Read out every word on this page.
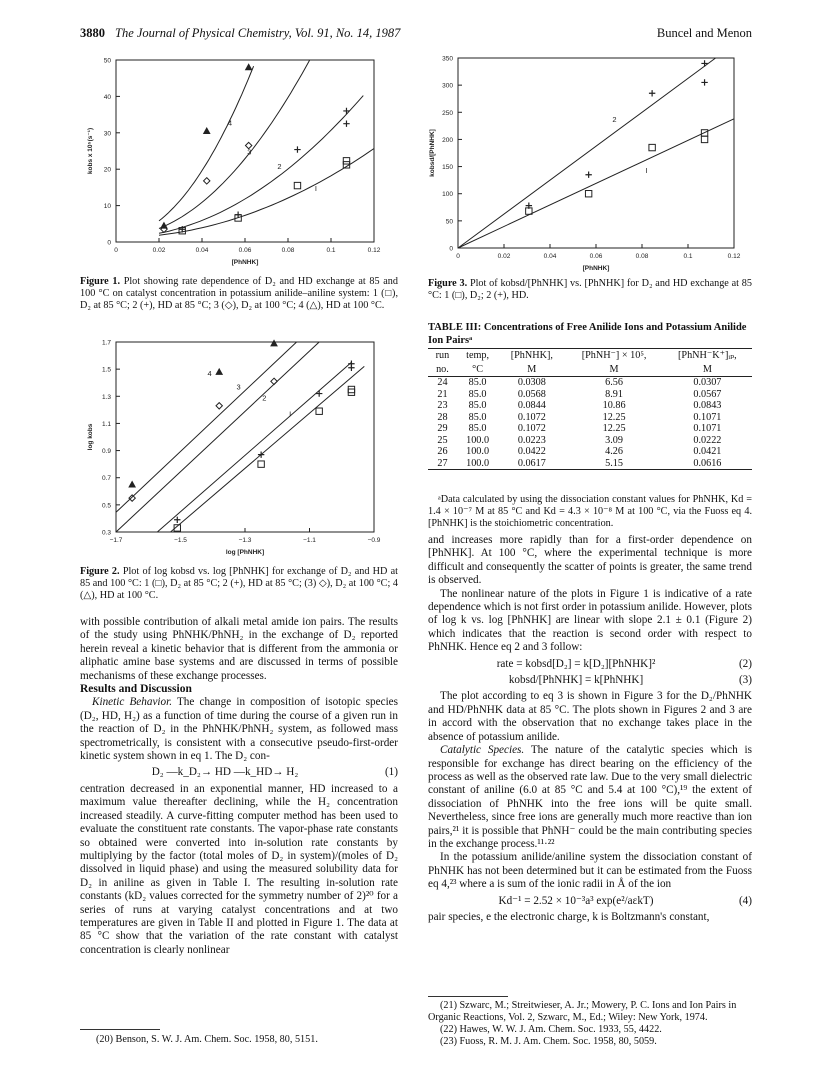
3880 The Journal of Physical Chemistry, Vol. 91, No. 14, 1987	Buncel and Menon
0	0.02	0.04	0.06	0.08	0.1	0.12
0
10
20
30
40
50
[PhNHK]
kobs x 10⁵(s⁻¹)
I
2
3
4
Figure 1. Plot showing rate dependence of D₂ and HD exchange at 85 and 100 °C on catalyst concentration in potassium anilide–aniline system: 1 (□), D₂ at 85 °C; 2 (+), HD at 85 °C; 3 (◇), D₂ at 100 °C; 4 (△), HD at 100 °C.
−1.7	−1.5	−1.3	−1.1	−0.9
0.3
0.5
0.7
0.9
1.1
1.3
1.5
1.7
log [PhNHK]
log kobs
I
2
3
4
Figure 2. Plot of log kobsd vs. log [PhNHK] for exchange of D₂ and HD at 85 and 100 °C: 1 (□), D₂ at 85 °C; 2 (+), HD at 85 °C; (3) ◇), D₂ at 100 °C; 4 (△), HD at 100 °C.

with possible contribution of alkali metal amide ion pairs. The results of the study using PhNHK/PhNH₂ in the exchange of D₂ reported herein reveal a kinetic behavior that is different from the ammonia or aliphatic amine base systems and are discussed in terms of possible mechanisms of these exchange processes.

Results and Discussion

Kinetic Behavior. The change in composition of isotopic species (D₂, HD, H₂) as a function of time during the course of a given run in the reaction of D₂ in the PhNHK/PhNH₂ system, as followed mass spectrometrically, is consistent with a consecutive pseudo-first-order kinetic system shown in eq 1. The D₂ con-

D₂ —k_D₂→ HD —k_HD→ H₂	(1)

centration decreased in an exponential manner, HD increased to a maximum value thereafter declining, while the H₂ concentration increased steadily. A curve-fitting computer method has been used to evaluate the constituent rate constants. The vapor-phase rate constants so obtained were converted into in-solution rate constants by multiplying by the factor (total moles of D₂ in system)/(moles of D₂ dissolved in liquid phase) and using the measured solubility data for D₂ in aniline as given in Table I. The resulting in-solution rate constants (kD₂ values corrected for the symmetry number of 2)²⁰ for a series of runs at varying catalyst concentrations and at two temperatures are given in Table II and plotted in Figure 1. The data at 85 °C show that the variation of the rate constant with catalyst concentration is clearly nonlinear

(20) Benson, S. W. J. Am. Chem. Soc. 1958, 80, 5151.
0	0.02	0.04	0.06	0.08	0.1	0.12
0
50
100
150
200
250
300
350
[PhNHK]
kobsd/[PhNHK]	I
2
Figure 3. Plot of kobsd/[PhNHK] vs. [PhNHK] for D₂ and HD exchange at 85 °C: 1 (□), D₂; 2 (+), HD.
TABLE III: Concentrations of Free Anilide Ions and Potassium Anilide Ion Pairsᵃ
run	temp,	[PhNHK],	[PhNH⁻] × 10⁵,	[PhNH⁻K⁺]ᵢₚ,
no.	°C	M	M	M
24	85.0	0.0308	6.56	0.0307
21	85.0	0.0568	8.91	0.0567
23	85.0	0.0844	10.86	0.0843
28	85.0	0.1072	12.25	0.1071
29	85.0	0.1072	12.25	0.1071
25	100.0	0.0223	3.09	0.0222
26	100.0	0.0422	4.26	0.0421
27	100.0	0.0617	5.15	0.0616
ᵃData calculated by using the dissociation constant values for PhNHK, Kd = 1.4 × 10⁻⁷ M at 85 °C and Kd = 4.3 × 10⁻⁸ M at 100 °C, via the Fuoss eq 4. [PhNHK] is the stoichiometric concentration.

and increases more rapidly than for a first-order dependence on [PhNHK]. At 100 °C, where the experimental technique is more difficult and consequently the scatter of points is greater, the same trend is observed.

The nonlinear nature of the plots in Figure 1 is indicative of a rate dependence which is not first order in potassium anilide. However, plots of log k vs. log [PhNHK] are linear with slope 2.1 ± 0.1 (Figure 2) which indicates that the reaction is second order with respect to PhNHK. Hence eq 2 and 3 follow:

rate = kobsd[D₂] = k[D₂][PhNHK]²	(2)
kobsd/[PhNHK] = k[PhNHK]	(3)

The plot according to eq 3 is shown in Figure 3 for the D₂/PhNHK and HD/PhNHK data at 85 °C. The plots shown in Figures 2 and 3 are in accord with the observation that no exchange takes place in the absence of potassium anilide.

Catalytic Species. The nature of the catalytic species which is responsible for exchange has direct bearing on the efficiency of the process as well as the observed rate law. Due to the very small dielectric constant of aniline (6.0 at 85 °C and 5.4 at 100 °C),¹⁹ the extent of dissociation of PhNHK into the free ions will be quite small. Nevertheless, since free ions are generally much more reactive than ion pairs,²¹ it is possible that PhNH⁻ could be the main contributing species in the exchange process.¹¹·²²

In the potassium anilide/aniline system the dissociation constant of PhNHK has not been determined but it can be estimated from the Fuoss eq 4,²³ where a is sum of the ionic radii in Å of the ion

Kd⁻¹ = 2.52 × 10⁻³a³ exp(e²/aεkT)	(4)

pair species, e the electronic charge, k is Boltzmann's constant,

(21) Szwarc, M.; Streitwieser, A. Jr.; Mowery, P. C. Ions and Ion Pairs in Organic Reactions, Vol. 2, Szwarc, M., Ed.; Wiley: New York, 1974.
(22) Hawes, W. W. J. Am. Chem. Soc. 1933, 55, 4422.
(23) Fuoss, R. M. J. Am. Chem. Soc. 1958, 80, 5059.
